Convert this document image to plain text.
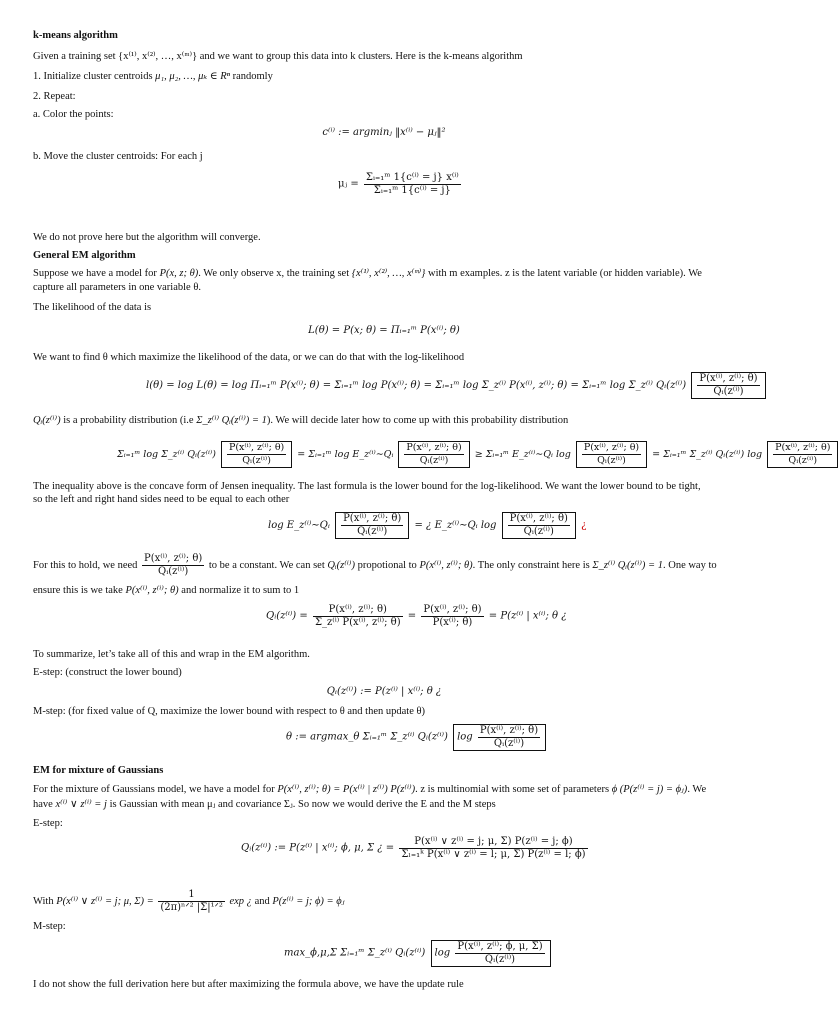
k-means algorithm
Given a training set {x⁽¹⁾, x⁽²⁾, …, x⁽ᵐ⁾} and we want to group this data into k clusters. Here is the k-means algorithm
1. Initialize cluster centroids μ₁, μ₂, …, μₖ ∈ Rⁿ randomly
2. Repeat:
a. Color the points:
c⁽ⁱ⁾ := argminⱼ ‖x⁽ⁱ⁾ − μⱼ‖²
b. Move the cluster centroids: For each j
μⱼ = $\frac{\text{Σᵢ₌₁ᵐ 1\{c⁽ⁱ⁾ = j\} x⁽ⁱ⁾}}{\text{Σᵢ₌₁ᵐ 1\{c⁽ⁱ⁾ = j\}}}$
We do not prove here but the algorithm will converge.
General EM algorithm
Suppose we have a model for P(x, z; θ). We only observe x, the training set {x⁽¹⁾, x⁽²⁾, …, x⁽ᵐ⁾} with m examples. z is the latent variable (or hidden variable). We
capture all parameters in one variable θ.
The likelihood of the data is
L(θ) = P(x; θ) = Πᵢ₌₁ᵐ P(x⁽ⁱ⁾; θ)
We want to find θ which maximize the likelihood of the data, or we can do that with the log-likelihood
l(θ) = log L(θ) = log Πᵢ₌₁ᵐ P(x⁽ⁱ⁾; θ) = Σᵢ₌₁ᵐ log P(x⁽ⁱ⁾; θ) = Σᵢ₌₁ᵐ log Σ_z⁽ⁱ⁾ P(x⁽ⁱ⁾, z⁽ⁱ⁾; θ) = Σᵢ₌₁ᵐ log Σ_z⁽ⁱ⁾ Qᵢ(z⁽ⁱ⁾) $\frac{\text{P(x⁽ⁱ⁾, z⁽ⁱ⁾; θ)}}{\text{Qᵢ(z⁽ⁱ⁾)}}$
Qᵢ(z⁽ⁱ⁾) is a probability distribution (i.e Σ_z⁽ⁱ⁾ Qᵢ(z⁽ⁱ⁾) = 1). We will decide later how to come up with this probability distribution
Σᵢ₌₁ᵐ log Σ_z⁽ⁱ⁾ Qᵢ(z⁽ⁱ⁾) $\frac{\text{P(x⁽ⁱ⁾, z⁽ⁱ⁾; θ)}}{\text{Qᵢ(z⁽ⁱ⁾)}}$ = Σᵢ₌₁ᵐ log E_z⁽ⁱ⁾∼Qᵢ $\frac{\text{P(x⁽ⁱ⁾, z⁽ⁱ⁾; θ)}}{\text{Qᵢ(z⁽ⁱ⁾)}}$ ≥ Σᵢ₌₁ᵐ E_z⁽ⁱ⁾∼Qᵢ $\log \frac{\text{P(x⁽ⁱ⁾, z⁽ⁱ⁾; θ)}}{\text{Qᵢ(z⁽ⁱ⁾)}}$ = Σᵢ₌₁ᵐ Σ_z⁽ⁱ⁾ Qᵢ(z⁽ⁱ⁾) $\log \frac{\text{P(x⁽ⁱ⁾, z⁽ⁱ⁾; θ)}}{\text{Qᵢ(z⁽ⁱ⁾)}}$
The inequality above is the concave form of Jensen inequality. The last formula is the lower bound for the log-likelihood. We want the lower bound to be tight,
so the left and right hand sides need to be equal to each other
log E_z⁽ⁱ⁾∼Qᵢ $\frac{\text{P(x⁽ⁱ⁾, z⁽ⁱ⁾; θ)}}{\text{Qᵢ(z⁽ⁱ⁾)}}$ = ¿ E_z⁽ⁱ⁾∼Qᵢ $\log \frac{\text{P(x⁽ⁱ⁾, z⁽ⁱ⁾; θ)}}{\text{Qᵢ(z⁽ⁱ⁾)}}$ ¿
For this to hold, we need $\frac{\text{P(x⁽ⁱ⁾, z⁽ⁱ⁾; θ)}}{\text{Qᵢ(z⁽ⁱ⁾)}}$ to be a constant. We can set Qᵢ(z⁽ⁱ⁾) propotional to P(x⁽ⁱ⁾, z⁽ⁱ⁾; θ). The only constraint here is Σ_z⁽ⁱ⁾ Qᵢ(z⁽ⁱ⁾) = 1. One way to
ensure this is we take P(x⁽ⁱ⁾, z⁽ⁱ⁾; θ) and normalize it to sum to 1
Qᵢ(z⁽ⁱ⁾) = $\frac{\text{P(x⁽ⁱ⁾, z⁽ⁱ⁾; θ)}}{\text{Σ\_z⁽ⁱ⁾ P(x⁽ⁱ⁾, z⁽ⁱ⁾; θ)}} = \frac{\text{P(x⁽ⁱ⁾, z⁽ⁱ⁾; θ)}}{\text{P(x⁽ⁱ⁾; θ)}} = P(z^{(i)}$ | x⁽ⁱ⁾; θ ¿
To summarize, let’s take all of this and wrap in the EM algorithm.
E-step: (construct the lower bound)
Qᵢ(z⁽ⁱ⁾) := P(z⁽ⁱ⁾ | x⁽ⁱ⁾; θ ¿
M-step: (for fixed value of Q, maximize the lower bound with respect to θ and then update θ)
θ := argmax_θ Σᵢ₌₁ᵐ Σ_z⁽ⁱ⁾ Qᵢ(z⁽ⁱ⁾) $\log \frac{\text{P(x⁽ⁱ⁾, z⁽ⁱ⁾; θ)}}{\text{Qᵢ(z⁽ⁱ⁾)}}$
EM for mixture of Gaussians
For the mixture of Gaussians model, we have a model for P(x⁽ⁱ⁾, z⁽ⁱ⁾; θ) = P(x⁽ⁱ⁾ | z⁽ⁱ⁾) P(z⁽ⁱ⁾). z is multinomial with some set of parameters ϕ (P(z⁽ⁱ⁾ = j) = ϕⱼ). We
have x⁽ⁱ⁾ ∨ z⁽ⁱ⁾ = j is Gaussian with mean μⱼ and covariance Σⱼ. So now we would derive the E and the M steps
E-step:
Qᵢ(z⁽ⁱ⁾) := P(z⁽ⁱ⁾ | x⁽ⁱ⁾; ϕ, μ, Σ ¿ = $\frac{\text{P(x⁽ⁱ⁾ ∨ z⁽ⁱ⁾ = j; μ, Σ) P(z⁽ⁱ⁾ = j; ϕ)}}{\text{Σₗ₌₁ᵏ P(x⁽ⁱ⁾ ∨ z⁽ⁱ⁾ = l; μ, Σ) P(z⁽ⁱ⁾ = l; ϕ)}}$
With P(x⁽ⁱ⁾ ∨ z⁽ⁱ⁾ = j; μ, $\Sigma) = \frac{1}{\text{(2π)ⁿᐟ² |Σ|¹ᐟ²}}$ exp ¿ and P(z⁽ⁱ⁾ = j; ϕ) = ϕⱼ
M-step:
max_ϕ,μ,Σ Σᵢ₌₁ᵐ Σ_z⁽ⁱ⁾ Qᵢ(z⁽ⁱ⁾) $\log \frac{\text{P(x⁽ⁱ⁾, z⁽ⁱ⁾; ϕ, μ, Σ)}}{\text{Qᵢ(z⁽ⁱ⁾)}}$
I do not show the full derivation here but after maximizing the formula above, we have the update rule
